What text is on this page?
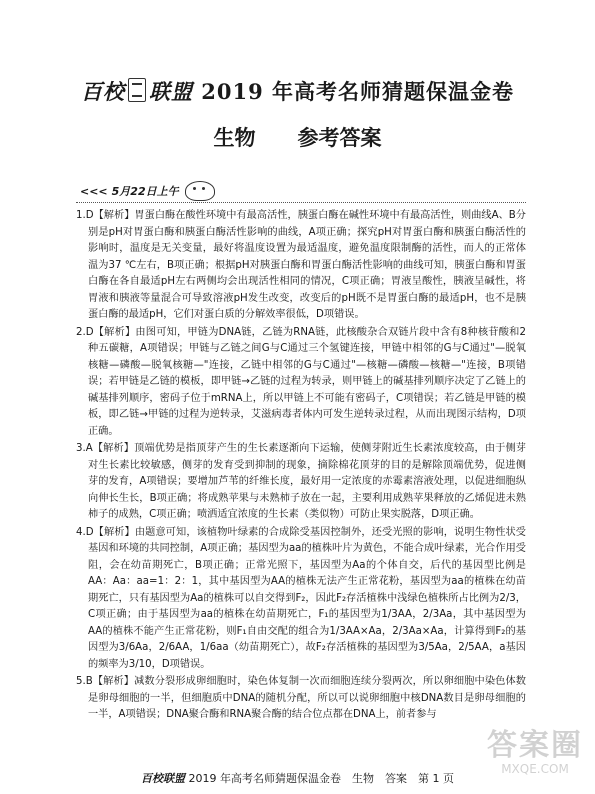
百校 联盟 2019 年高考名师猜题保温金卷
生物 参考答案
<<< 5月22日上午

1.D【解析】胃蛋白酶在酸性环境中有最高活性，胰蛋白酶在碱性环境中有最高活性，则曲线A、B分别是pH对胃蛋白酶和胰蛋白酶活性影响的曲线，A项正确；探究pH对胃蛋白酶和胰蛋白酶活性的影响时，温度是无关变量，最好将温度设置为最适温度，避免温度限制酶的活性，而人的正常体温为37 ℃左右，B项正确；根据pH对胰蛋白酶和胃蛋白酶活性影响的曲线可知，胰蛋白酶和胃蛋白酶在各自最适pH左右两侧均会出现活性相同的情况，C项正确；胃液呈酸性，胰液呈碱性，将胃液和胰液等量混合可导致溶液pH发生改变，改变后的pH既不是胃蛋白酶的最适pH，也不是胰蛋白酶的最适pH，它们对蛋白质的分解效率很低，D项错误。

2.D【解析】由图可知，甲链为DNA链，乙链为RNA链，此核酸杂合双链片段中含有8种核苷酸和2种五碳糖，A项错误；甲链与乙链之间G与C通过三个氢键连接，甲链中相邻的G与C通过"—脱氧核糖—磷酸—脱氧核糖—"连接，乙链中相邻的G与C通过"—核糖—磷酸—核糖—"连接，B项错误；若甲链是乙链的模板，即甲链→乙链的过程为转录，则甲链上的碱基排列顺序决定了乙链上的碱基排列顺序，密码子位于mRNA上，所以甲链上不可能有密码子，C项错误；若乙链是甲链的模板，即乙链→甲链的过程为逆转录，艾滋病毒者体内可发生逆转录过程，从而出现图示结构，D项正确。

3.A【解析】顶端优势是指顶芽产生的生长素逐渐向下运输，使侧芽附近生长素浓度较高，由于侧芽对生长素比较敏感，侧芽的发育受到抑制的现象，摘除棉花顶芽的目的是解除顶端优势，促进侧芽的发育，A项错误；要增加芦苇的纤维长度，最好用一定浓度的赤霉素溶液处理，以促进细胞纵向伸长生长，B项正确；将成熟苹果与未熟柿子放在一起，主要利用成熟苹果释放的乙烯促进未熟柿子的成熟，C项正确；喷洒适宜浓度的生长素（类似物）可防止果实脱落，D项正确。

4.D【解析】由题意可知，该植物叶绿素的合成除受基因控制外，还受光照的影响，说明生物性状受基因和环境的共同控制，A项正确；基因型为aa的植株叶片为黄色，不能合成叶绿素，光合作用受阻，会在幼苗期死亡，B项正确；正常光照下，基因型为Aa的个体自交，后代的基因型比例是AA：Aa：aa=1：2：1，其中基因型为AA的植株无法产生正常花粉，基因型为aa的植株在幼苗期死亡，只有基因型为Aa的植株可以自交得到F₂，因此F₂存活植株中浅绿色植株所占比例为2/3，C项正确；由于基因型为aa的植株在幼苗期死亡，F₁的基因型为1/3AA，2/3Aa，其中基因型为AA的植株不能产生正常花粉，则F₁自由交配的组合为1/3AA×Aa，2/3Aa×Aa，计算得到F₂的基因型为3/6Aa，2/6AA，1/6aa（幼苗期死亡），故F₂存活植株的基因型为3/5Aa，2/5AA，a基因的频率为3/10，D项错误。

5.B【解析】减数分裂形成卵细胞时，染色体复制一次而细胞连续分裂两次，所以卵细胞中染色体数是卵母细胞的一半，但细胞质中DNA的随机分配，所以可以说卵细胞中核DNA数目是卵母细胞的一半，A项错误；DNA聚合酶和RNA聚合酶的结合位点都在DNA上，前者参与

百校联盟 2019 年高考名师猜题保温金卷　生物　答案　第 1 页
答案圈
MXQE.COM
